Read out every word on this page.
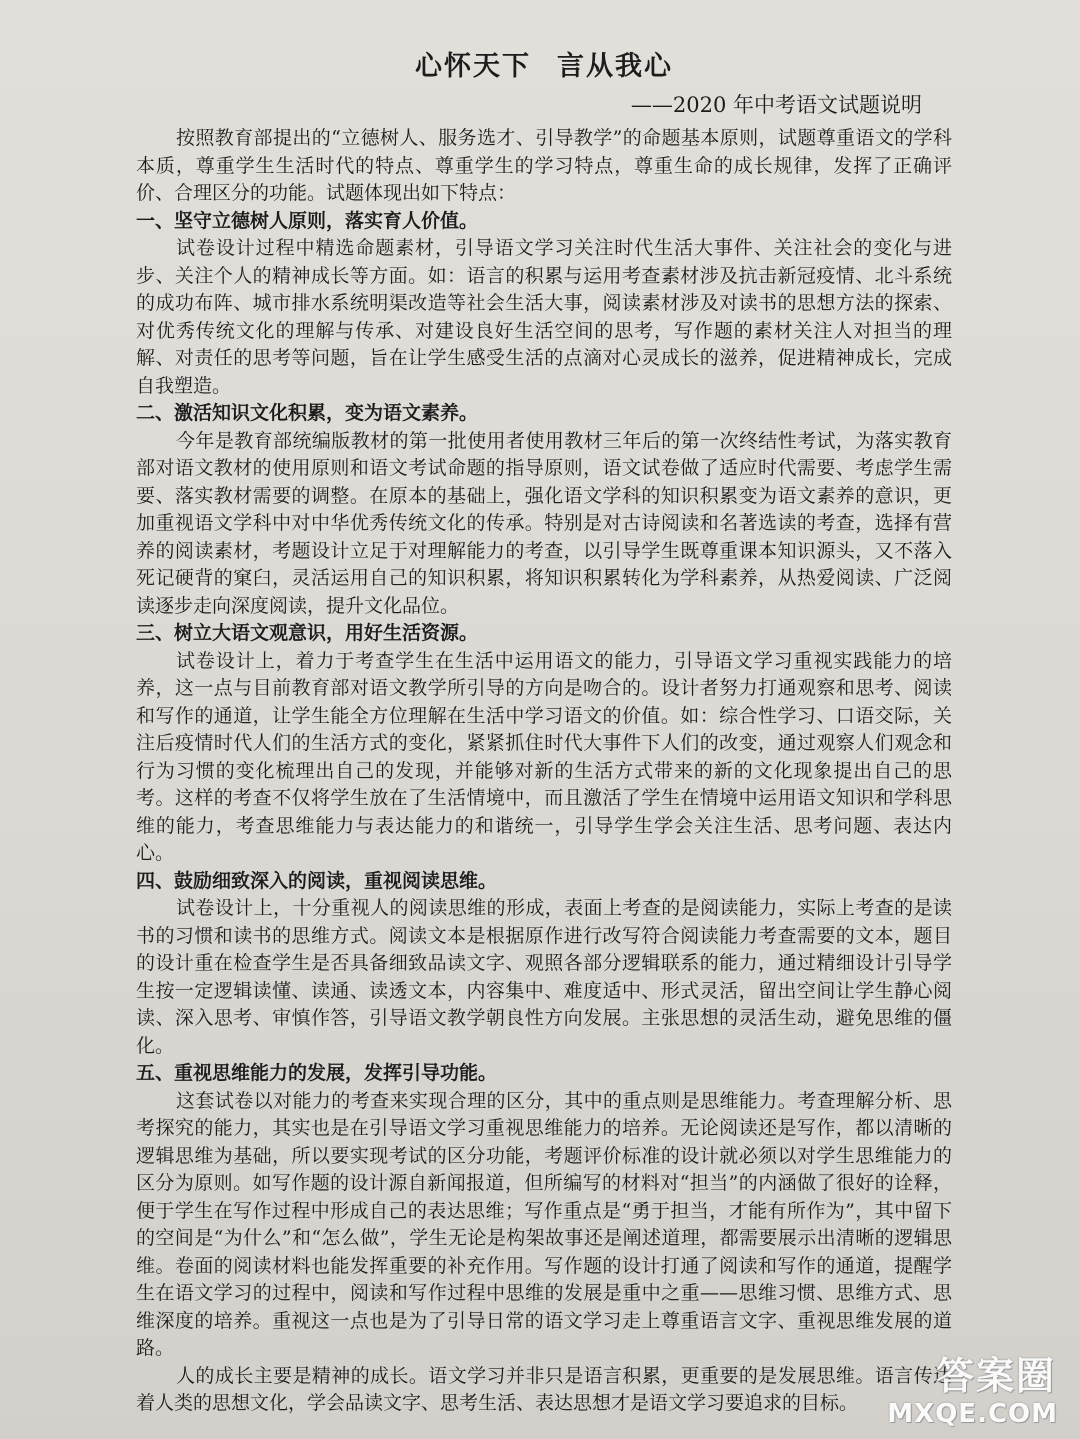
心怀天下 言从我心
——2020 年中考语文试题说明

按照教育部提出的“立德树人、服务选才、引导教学”的命题基本原则，试题尊重语文的学科本质，尊重学生生活时代的特点、尊重学生的学习特点，尊重生命的成长规律，发挥了正确评价、合理区分的功能。试题体现出如下特点：

一、坚守立德树人原则，落实育人价值。

试卷设计过程中精选命题素材，引导语文学习关注时代生活大事件、关注社会的变化与进步、关注个人的精神成长等方面。如：语言的积累与运用考查素材涉及抗击新冠疫情、北斗系统的成功布阵、城市排水系统明渠改造等社会生活大事，阅读素材涉及对读书的思想方法的探索、对优秀传统文化的理解与传承、对建设良好生活空间的思考，写作题的素材关注人对担当的理解、对责任的思考等问题，旨在让学生感受生活的点滴对心灵成长的滋养，促进精神成长，完成自我塑造。

二、激活知识文化积累，变为语文素养。

今年是教育部统编版教材的第一批使用者使用教材三年后的第一次终结性考试，为落实教育部对语文教材的使用原则和语文考试命题的指导原则，语文试卷做了适应时代需要、考虑学生需要、落实教材需要的调整。在原本的基础上，强化语文学科的知识积累变为语文素养的意识，更加重视语文学科中对中华优秀传统文化的传承。特别是对古诗阅读和名著选读的考查，选择有营养的阅读素材，考题设计立足于对理解能力的考查，以引导学生既尊重课本知识源头，又不落入死记硬背的窠臼，灵活运用自己的知识积累，将知识积累转化为学科素养，从热爱阅读、广泛阅读逐步走向深度阅读，提升文化品位。

三、树立大语文观意识，用好生活资源。

试卷设计上，着力于考查学生在生活中运用语文的能力，引导语文学习重视实践能力的培养，这一点与目前教育部对语文教学所引导的方向是吻合的。设计者努力打通观察和思考、阅读和写作的通道，让学生能全方位理解在生活中学习语文的价值。如：综合性学习、口语交际，关注后疫情时代人们的生活方式的变化，紧紧抓住时代大事件下人们的改变，通过观察人们观念和行为习惯的变化梳理出自己的发现，并能够对新的生活方式带来的新的文化现象提出自己的思考。这样的考查不仅将学生放在了生活情境中，而且激活了学生在情境中运用语文知识和学科思维的能力，考查思维能力与表达能力的和谐统一，引导学生学会关注生活、思考问题、表达内心。

四、鼓励细致深入的阅读，重视阅读思维。

试卷设计上，十分重视人的阅读思维的形成，表面上考查的是阅读能力，实际上考查的是读书的习惯和读书的思维方式。阅读文本是根据原作进行改写符合阅读能力考查需要的文本，题目的设计重在检查学生是否具备细致品读文字、观照各部分逻辑联系的能力，通过精细设计引导学生按一定逻辑读懂、读通、读透文本，内容集中、难度适中、形式灵活，留出空间让学生静心阅读、深入思考、审慎作答，引导语文教学朝良性方向发展。主张思想的灵活生动，避免思维的僵化。

五、重视思维能力的发展，发挥引导功能。

这套试卷以对能力的考查来实现合理的区分，其中的重点则是思维能力。考查理解分析、思考探究的能力，其实也是在引导语文学习重视思维能力的培养。无论阅读还是写作，都以清晰的逻辑思维为基础，所以要实现考试的区分功能，考题评价标准的设计就必须以对学生思维能力的区分为原则。如写作题的设计源自新闻报道，但所编写的材料对“担当”的内涵做了很好的诠释，便于学生在写作过程中形成自己的表达思维；写作重点是“勇于担当，才能有所作为”，其中留下的空间是“为什么”和“怎么做”，学生无论是构架故事还是阐述道理，都需要展示出清晰的逻辑思维。卷面的阅读材料也能发挥重要的补充作用。写作题的设计打通了阅读和写作的通道，提醒学生在语文学习的过程中，阅读和写作过程中思维的发展是重中之重——思维习惯、思维方式、思维深度的培养。重视这一点也是为了引导日常的语文学习走上尊重语言文字、重视思维发展的道路。

人的成长主要是精神的成长。语文学习并非只是语言积累，更重要的是发展思维。语言传达着人类的思想文化，学会品读文字、思考生活、表达思想才是语文学习要追求的目标。

答案圈
MXQE.COM
